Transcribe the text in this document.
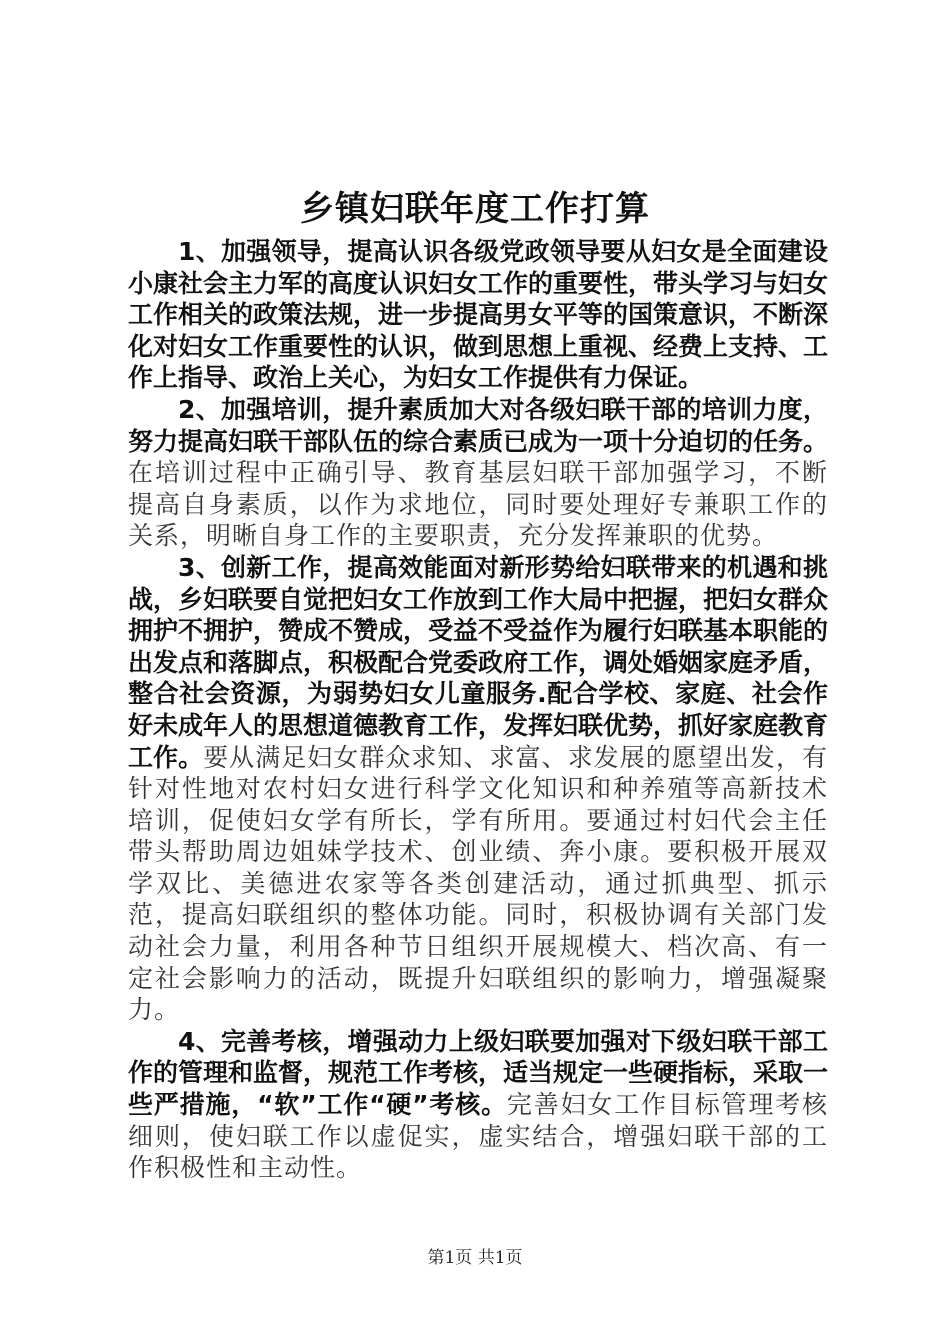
乡镇妇联年度工作打算

1、加强领导，提高认识各级党政领导要从妇女是全面建设小康社会主力军的高度认识妇女工作的重要性，带头学习与妇女工作相关的政策法规，进一步提高男女平等的国策意识，不断深化对妇女工作重要性的认识，做到思想上重视、经费上支持、工作上指导、政治上关心，为妇女工作提供有力保证。

2、加强培训，提升素质加大对各级妇联干部的培训力度，努力提高妇联干部队伍的综合素质已成为一项十分迫切的任务。在培训过程中正确引导、教育基层妇联干部加强学习，不断提高自身素质，以作为求地位，同时要处理好专兼职工作的关系，明晰自身工作的主要职责，充分发挥兼职的优势。

3、创新工作，提高效能面对新形势给妇联带来的机遇和挑战，乡妇联要自觉把妇女工作放到工作大局中把握，把妇女群众拥护不拥护，赞成不赞成，受益不受益作为履行妇联基本职能的出发点和落脚点，积极配合党委政府工作，调处婚姻家庭矛盾，整合社会资源，为弱势妇女儿童服务.配合学校、家庭、社会作好未成年人的思想道德教育工作，发挥妇联优势，抓好家庭教育工作。要从满足妇女群众求知、求富、求发展的愿望出发，有针对性地对农村妇女进行科学文化知识和种养殖等高新技术培训，促使妇女学有所长，学有所用。要通过村妇代会主任带头帮助周边姐妹学技术、创业绩、奔小康。要积极开展双学双比、美德进农家等各类创建活动，通过抓典型、抓示范，提高妇联组织的整体功能。同时，积极协调有关部门发动社会力量，利用各种节日组织开展规模大、档次高、有一定社会影响力的活动，既提升妇联组织的影响力，增强凝聚力。

4、完善考核，增强动力上级妇联要加强对下级妇联干部工作的管理和监督，规范工作考核，适当规定一些硬指标，采取一些严措施，“软”工作“硬”考核。完善妇女工作目标管理考核细则，使妇联工作以虚促实，虚实结合，增强妇联干部的工作积极性和主动性。

第1页 共1页
